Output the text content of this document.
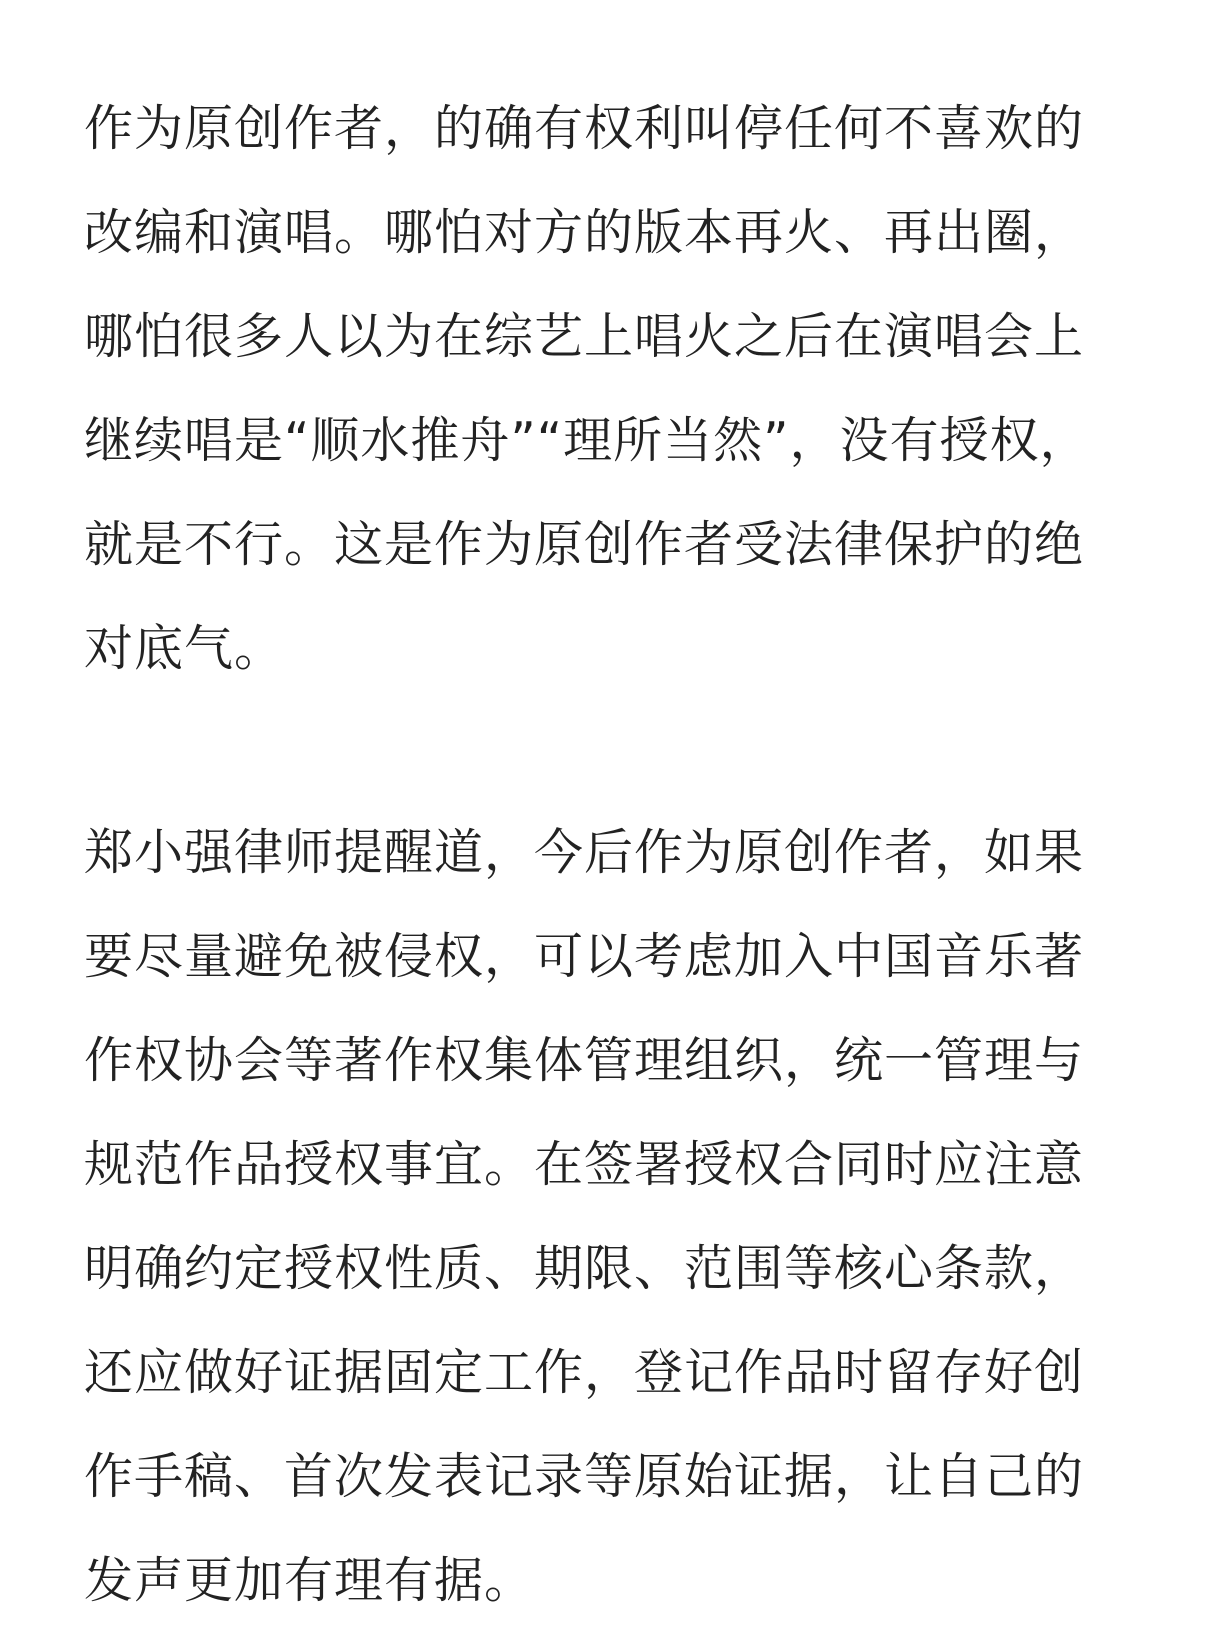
作为原创作者，的确有权利叫停任何不喜欢的
改编和演唱。哪怕对方的版本再火、再出圈，
哪怕很多人以为在综艺上唱火之后在演唱会上
继续唱是“顺水推舟”“理所当然”，没有授权，
就是不行。这是作为原创作者受法律保护的绝
对底气。

郑小强律师提醒道，今后作为原创作者，如果
要尽量避免被侵权，可以考虑加入中国音乐著
作权协会等著作权集体管理组织，统一管理与
规范作品授权事宜。在签署授权合同时应注意
明确约定授权性质、期限、范围等核心条款，
还应做好证据固定工作，登记作品时留存好创
作手稿、首次发表记录等原始证据，让自己的
发声更加有理有据。
